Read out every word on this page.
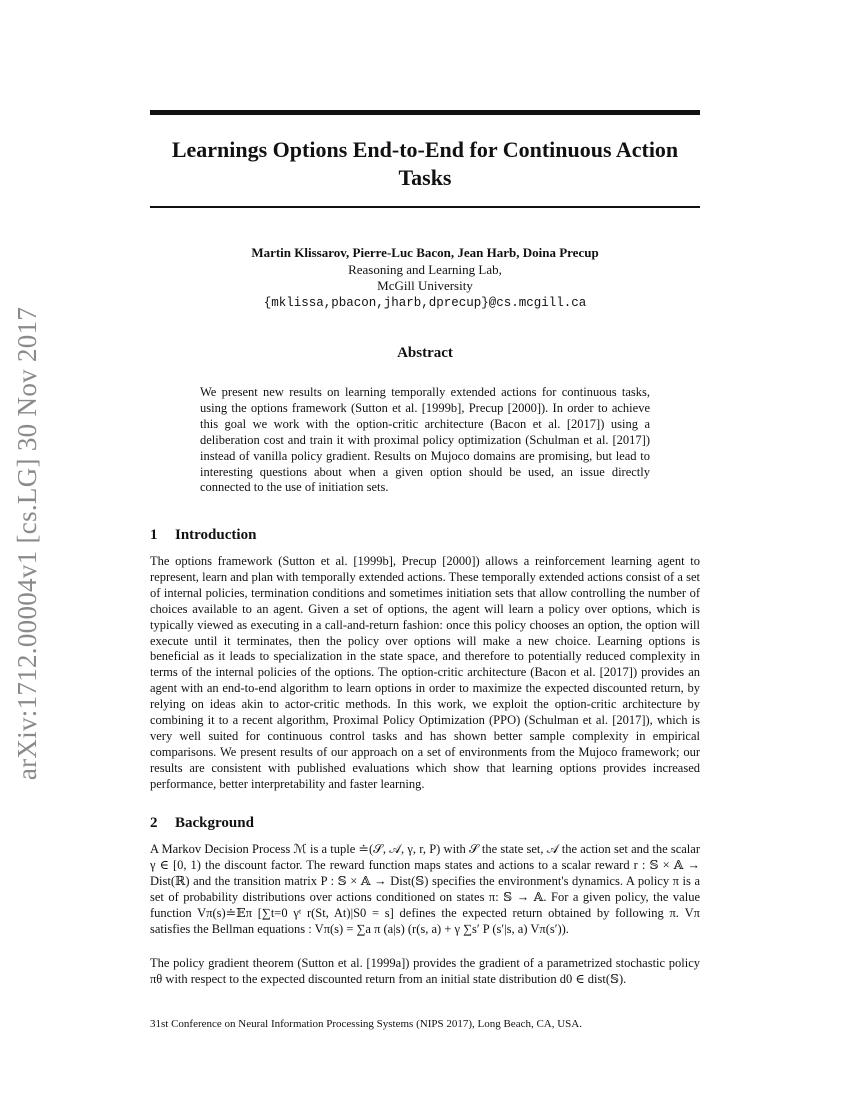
arXiv:1712.00004v1 [cs.LG] 30 Nov 2017
Learnings Options End-to-End for Continuous Action Tasks
Martin Klissarov, Pierre-Luc Bacon, Jean Harb, Doina Precup
Reasoning and Learning Lab,
McGill University
{mklissa,pbacon,jharb,dprecup}@cs.mcgill.ca
Abstract

We present new results on learning temporally extended actions for continuous tasks, using the options framework (Sutton et al. [1999b], Precup [2000]). In order to achieve this goal we work with the option-critic architecture (Bacon et al. [2017]) using a deliberation cost and train it with proximal policy optimization (Schulman et al. [2017]) instead of vanilla policy gradient. Results on Mujoco domains are promising, but lead to interesting questions about when a given option should be used, an issue directly connected to the use of initiation sets.

1 Introduction

The options framework (Sutton et al. [1999b], Precup [2000]) allows a reinforcement learning agent to represent, learn and plan with temporally extended actions. These temporally extended actions consist of a set of internal policies, termination conditions and sometimes initiation sets that allow controlling the number of choices available to an agent. Given a set of options, the agent will learn a policy over options, which is typically viewed as executing in a call-and-return fashion: once this policy chooses an option, the option will execute until it terminates, then the policy over options will make a new choice. Learning options is beneficial as it leads to specialization in the state space, and therefore to potentially reduced complexity in terms of the internal policies of the options. The option-critic architecture (Bacon et al. [2017]) provides an agent with an end-to-end algorithm to learn options in order to maximize the expected discounted return, by relying on ideas akin to actor-critic methods. In this work, we exploit the option-critic architecture by combining it to a recent algorithm, Proximal Policy Optimization (PPO) (Schulman et al. [2017]), which is very well suited for continuous control tasks and has shown better sample complexity in empirical comparisons. We present results of our approach on a set of environments from the Mujoco framework; our results are consistent with published evaluations which show that learning options provides increased performance, better interpretability and faster learning.

2 Background

A Markov Decision Process ℳ is a tuple ≐(𝒮, 𝒜, γ, r, P) with 𝒮 the state set, 𝒜 the action set and the scalar γ ∈ [0, 1) the discount factor. The reward function maps states and actions to a scalar reward r : 𝕊 × 𝔸 → Dist(ℝ) and the transition matrix P : 𝕊 × 𝔸 → Dist(𝕊) specifies the environment's dynamics. A policy π is a set of probability distributions over actions conditioned on states π: 𝕊 → 𝔸. For a given policy, the value function Vπ(s)≐𝔼π [∑t=0 γᵗ r(St, At)|S0 = s] defines the expected return obtained by following π. Vπ satisfies the Bellman equations : Vπ(s) = ∑a π (a|s) (r(s, a) + γ ∑s′ P (s′|s, a) Vπ(s′)).

The policy gradient theorem (Sutton et al. [1999a]) provides the gradient of a parametrized stochastic policy πθ with respect to the expected discounted return from an initial state distribution d0 ∈ dist(𝕊).

31st Conference on Neural Information Processing Systems (NIPS 2017), Long Beach, CA, USA.
